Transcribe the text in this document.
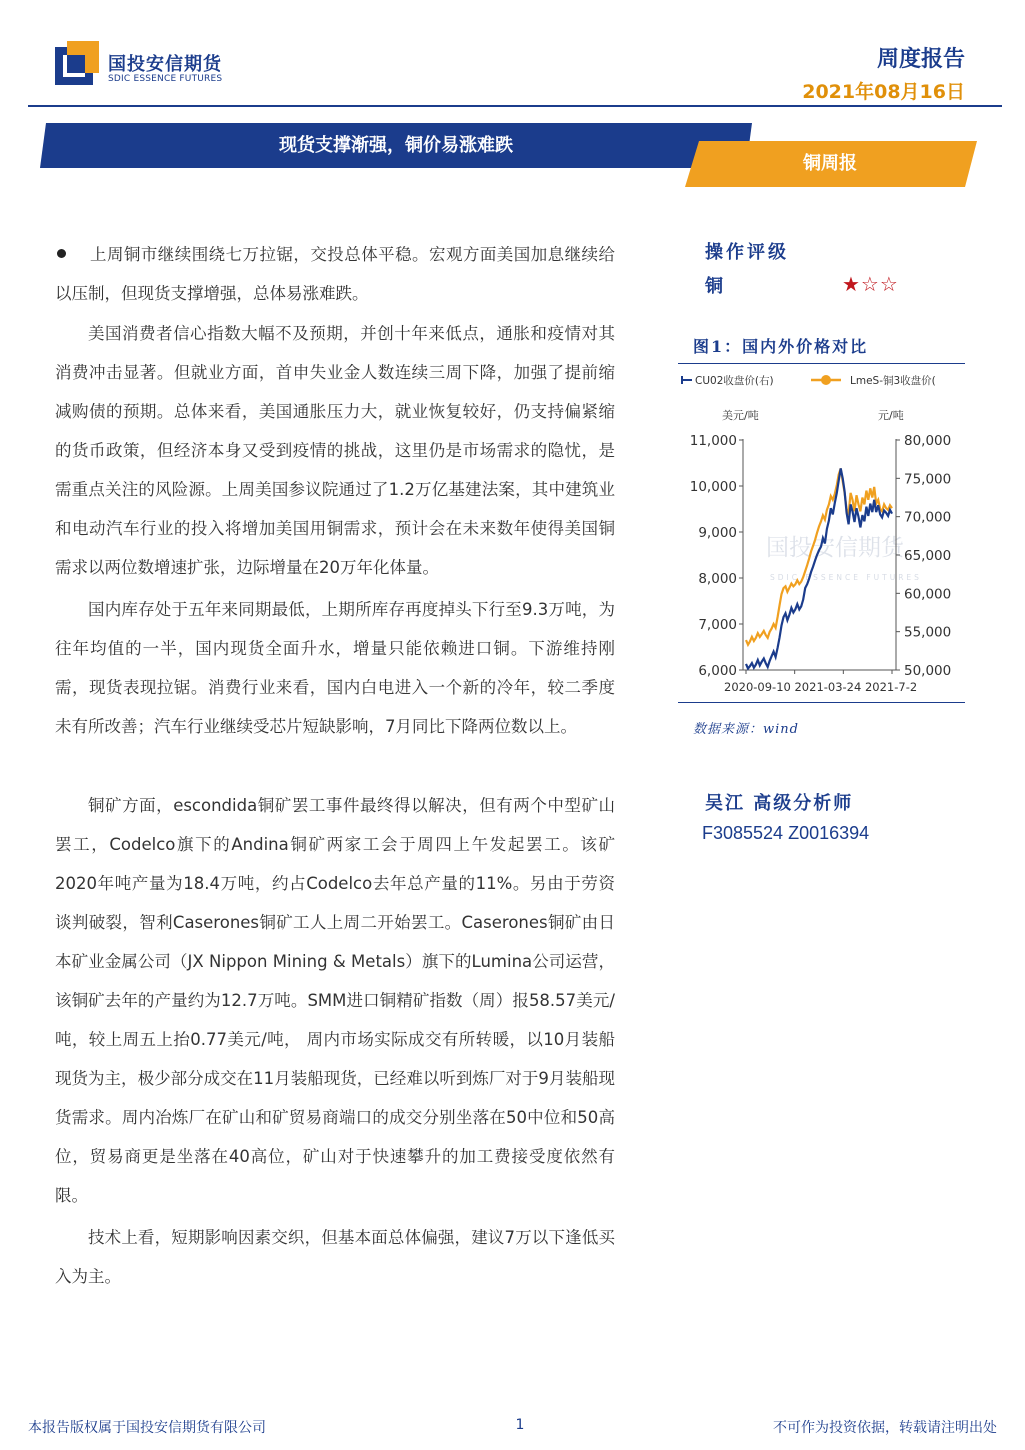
国投安信期货
SDIC ESSENCE FUTURES
周度报告
2021年08月16日
现货支撑渐强，铜价易涨难跌
铜周报
上周铜市继续围绕七万拉锯，交投总体平稳。宏观方面美国加息继续给以压制，但现货支撑增强，总体易涨难跌。
美国消费者信心指数大幅不及预期，并创十年来低点，通胀和疫情对其消费冲击显著。但就业方面，首申失业金人数连续三周下降，加强了提前缩减购债的预期。总体来看，美国通胀压力大，就业恢复较好，仍支持偏紧缩的货币政策，但经济本身又受到疫情的挑战，这里仍是市场需求的隐忧，是需重点关注的风险源。上周美国参议院通过了1.2万亿基建法案，其中建筑业和电动汽车行业的投入将增加美国用铜需求，预计会在未来数年使得美国铜需求以两位数增速扩张，边际增量在20万年化体量。
国内库存处于五年来同期最低，上期所库存再度掉头下行至9.3万吨，为往年均值的一半，国内现货全面升水，增量只能依赖进口铜。下游维持刚需，现货表现拉锯。消费行业来看，国内白电进入一个新的冷年，较二季度未有所改善；汽车行业继续受芯片短缺影响，7月同比下降两位数以上。
铜矿方面，escondida铜矿罢工事件最终得以解决，但有两个中型矿山罢工，Codelco旗下的Andina铜矿两家工会于周四上午发起罢工。该矿2020年吨产量为18.4万吨，约占Codelco去年总产量的11%。另由于劳资谈判破裂，智利Caserones铜矿工人上周二开始罢工。Caserones铜矿由日本矿业金属公司（JX Nippon Mining & Metals）旗下的Lumina公司运营，该铜矿去年的产量约为12.7万吨。SMM进口铜精矿指数（周）报58.57美元/吨，较上周五上抬0.77美元/吨， 周内市场实际成交有所转暖，以10月装船现货为主，极少部分成交在11月装船现货，已经难以听到炼厂对于9月装船现货需求。周内冶炼厂在矿山和矿贸易商端口的成交分别坐落在50中位和50高位，贸易商更是坐落在40高位，矿山对于快速攀升的加工费接受度依然有限。
技术上看，短期影响因素交织，但基本面总体偏强，建议7万以下逢低买入为主。
操作评级
铜	★☆☆
图1：国内外价格对比
CU02收盘价(右)	LmeS-铜3收盘价(
美元/吨	元/吨
国投安信期货
SDIC ESSENCE FUTURES
11,000
10,000
9,000
8,000
7,000
6,000
80,000
75,000
70,000
65,000
60,000
55,000
50,000
2020-09-10 2021-03-24 2021-7-2
数据来源：wind
吴江 高级分析师
F3085524 Z0016394
本报告版权属于国投安信期货有限公司	1	不可作为投资依据，转载请注明出处
